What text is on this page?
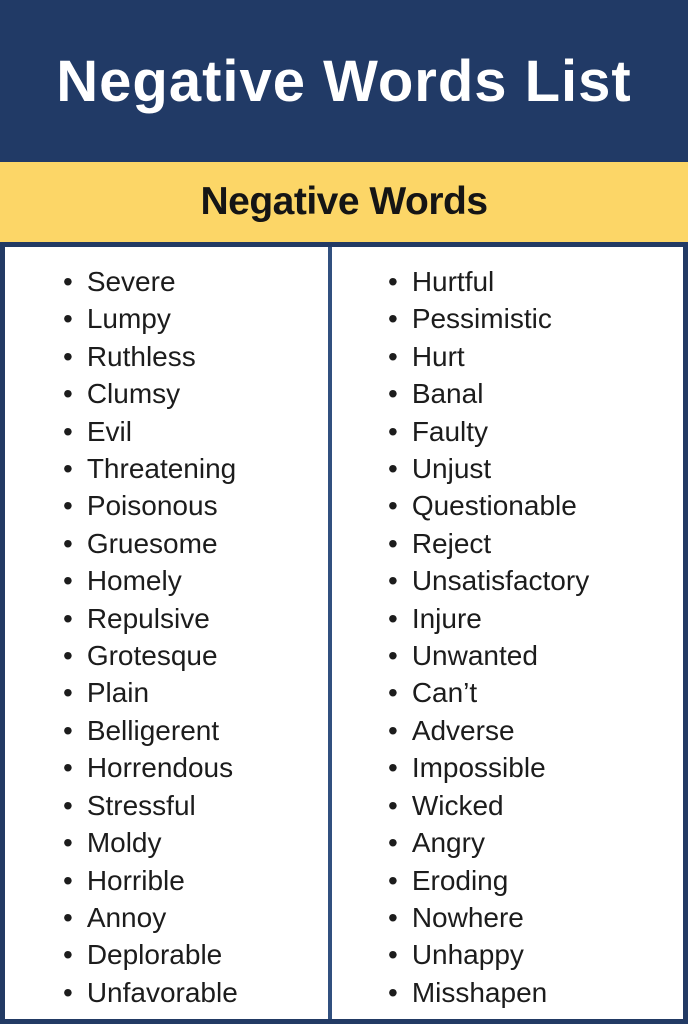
Negative Words List
Negative Words
• Severe
• Lumpy
• Ruthless
• Clumsy
• Evil
• Threatening
• Poisonous
• Gruesome
• Homely
• Repulsive
• Grotesque
• Plain
• Belligerent
• Horrendous
• Stressful
• Moldy
• Horrible
• Annoy
• Deplorable
• Unfavorable
• Hurtful
• Pessimistic
• Hurt
• Banal
• Faulty
• Unjust
• Questionable
• Reject
• Unsatisfactory
• Injure
• Unwanted
• Can’t
• Adverse
• Impossible
• Wicked
• Angry
• Eroding
• Nowhere
• Unhappy
• Misshapen
